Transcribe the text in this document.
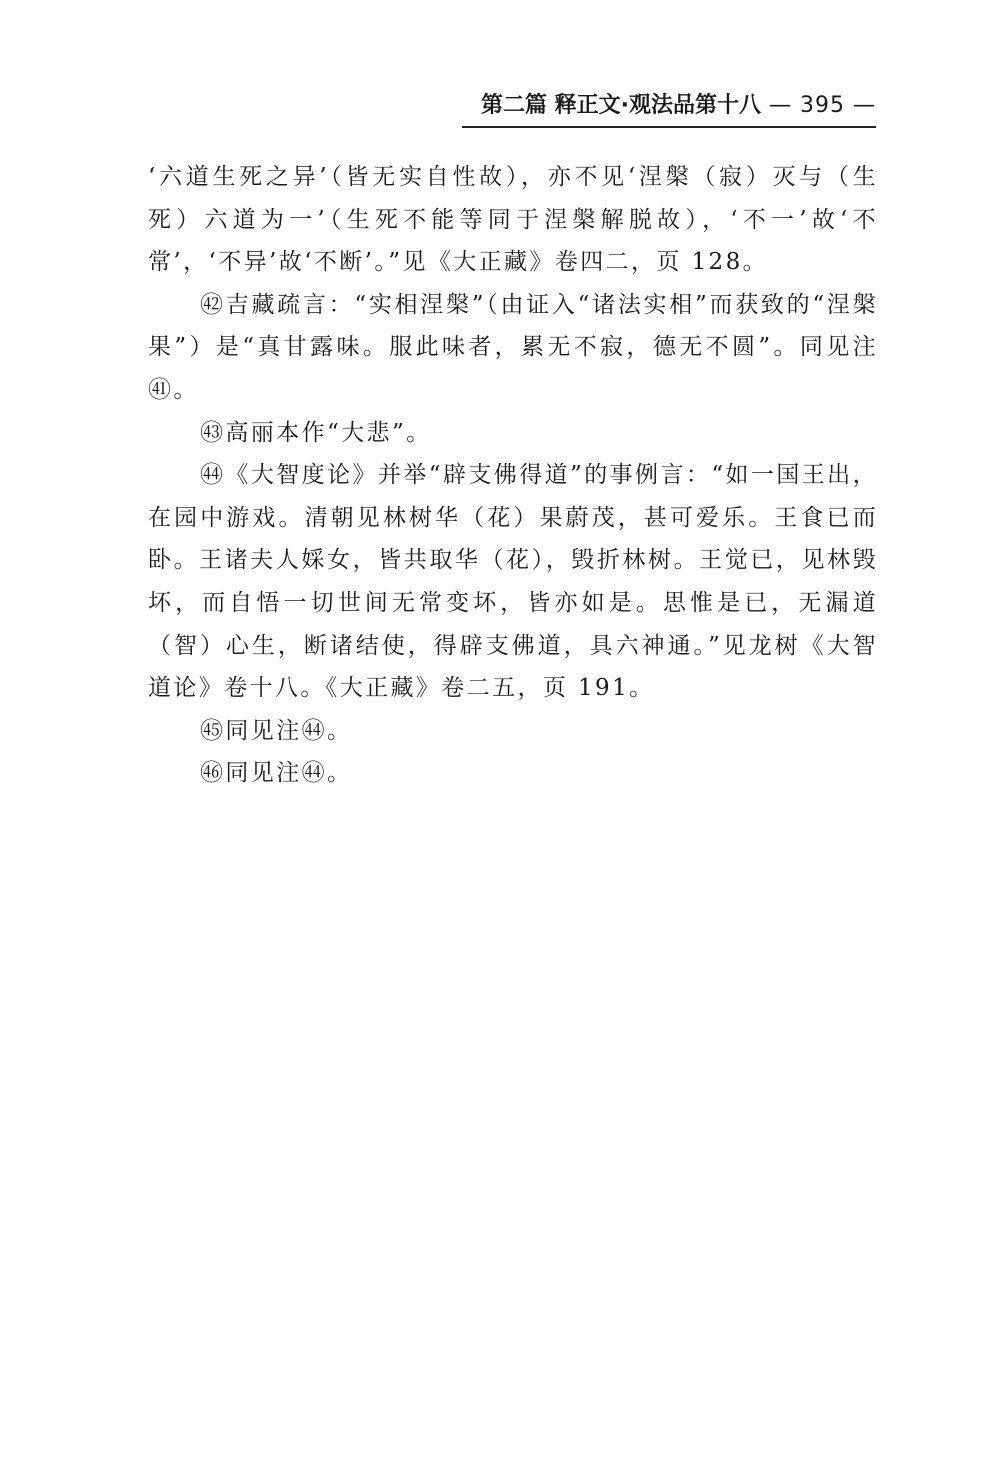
第二篇 释正文·观法品第十八 — 395 —

‘六道生死之异’（皆无实自性故），亦不见‘涅槃（寂）灭与（生死）六道为一’（生死不能等同于涅槃解脱故），‘不一’故‘不常’，‘不异’故‘不断’。”见《大正藏》卷四二，页 128。

㊷吉藏疏言：“实相涅槃”（由证入“诸法实相”而获致的“涅槃果”）是“真甘露味。服此味者，累无不寂，德无不圆”。同见注㊶。

㊸高丽本作“大悲”。

㊹《大智度论》并举“辟支佛得道”的事例言：“如一国王出，在园中游戏。清朝见林树华（花）果蔚茂，甚可爱乐。王食已而卧。王诸夫人婇女，皆共取华（花），毁折林树。王觉已，见林毁坏，而自悟一切世间无常变坏，皆亦如是。思惟是已，无漏道（智）心生，断诸结使，得辟支佛道，具六神通。”见龙树《大智道论》卷十八。《大正藏》卷二五，页 191。

㊺同见注㊹。

㊻同见注㊹。
